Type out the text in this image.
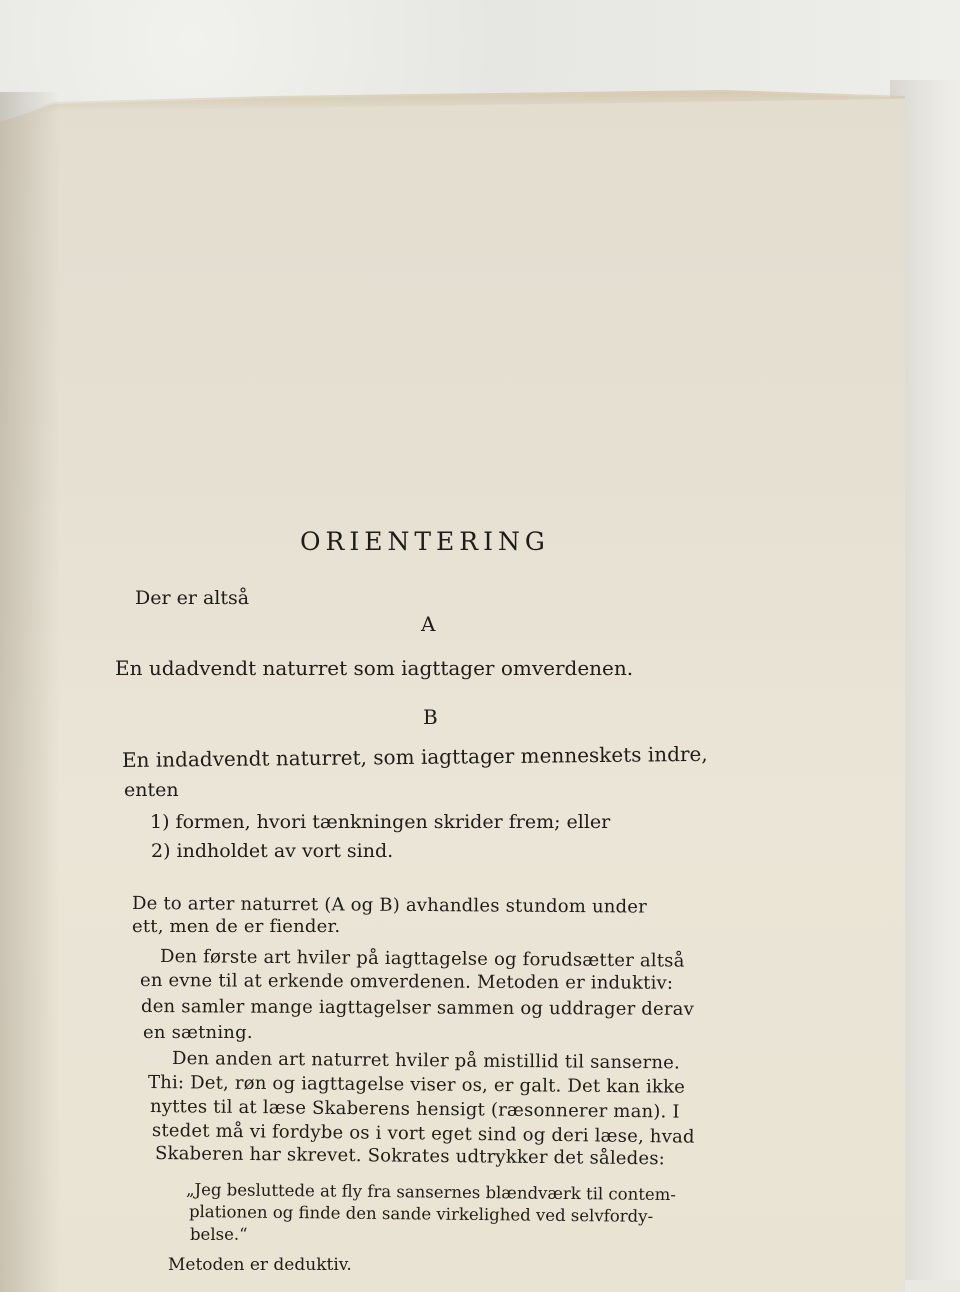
ORIENTERING

Der er altså

A

En udadvendt naturret som iagttager omverdenen.

B

En indadvendt naturret, som iagttager menneskets indre,

enten

1) formen, hvori tænkningen skrider frem; eller

2) indholdet av vort sind.

De to arter naturret (A og B) avhandles stundom under

ett, men de er fiender.

Den første art hviler på iagttagelse og forudsætter altså

en evne til at erkende omverdenen. Metoden er induktiv:

den samler mange iagttagelser sammen og uddrager derav

en sætning.

Den anden art naturret hviler på mistillid til sanserne.

Thi: Det, røn og iagttagelse viser os, er galt. Det kan ikke

nyttes til at læse Skaberens hensigt (ræsonnerer man). I

stedet må vi fordybe os i vort eget sind og deri læse, hvad

Skaberen har skrevet. Sokrates udtrykker det således:

„Jeg besluttede at fly fra sansernes blændværk til contem-

plationen og finde den sande virkelighed ved selvfordy-

belse.“

Metoden er deduktiv.
